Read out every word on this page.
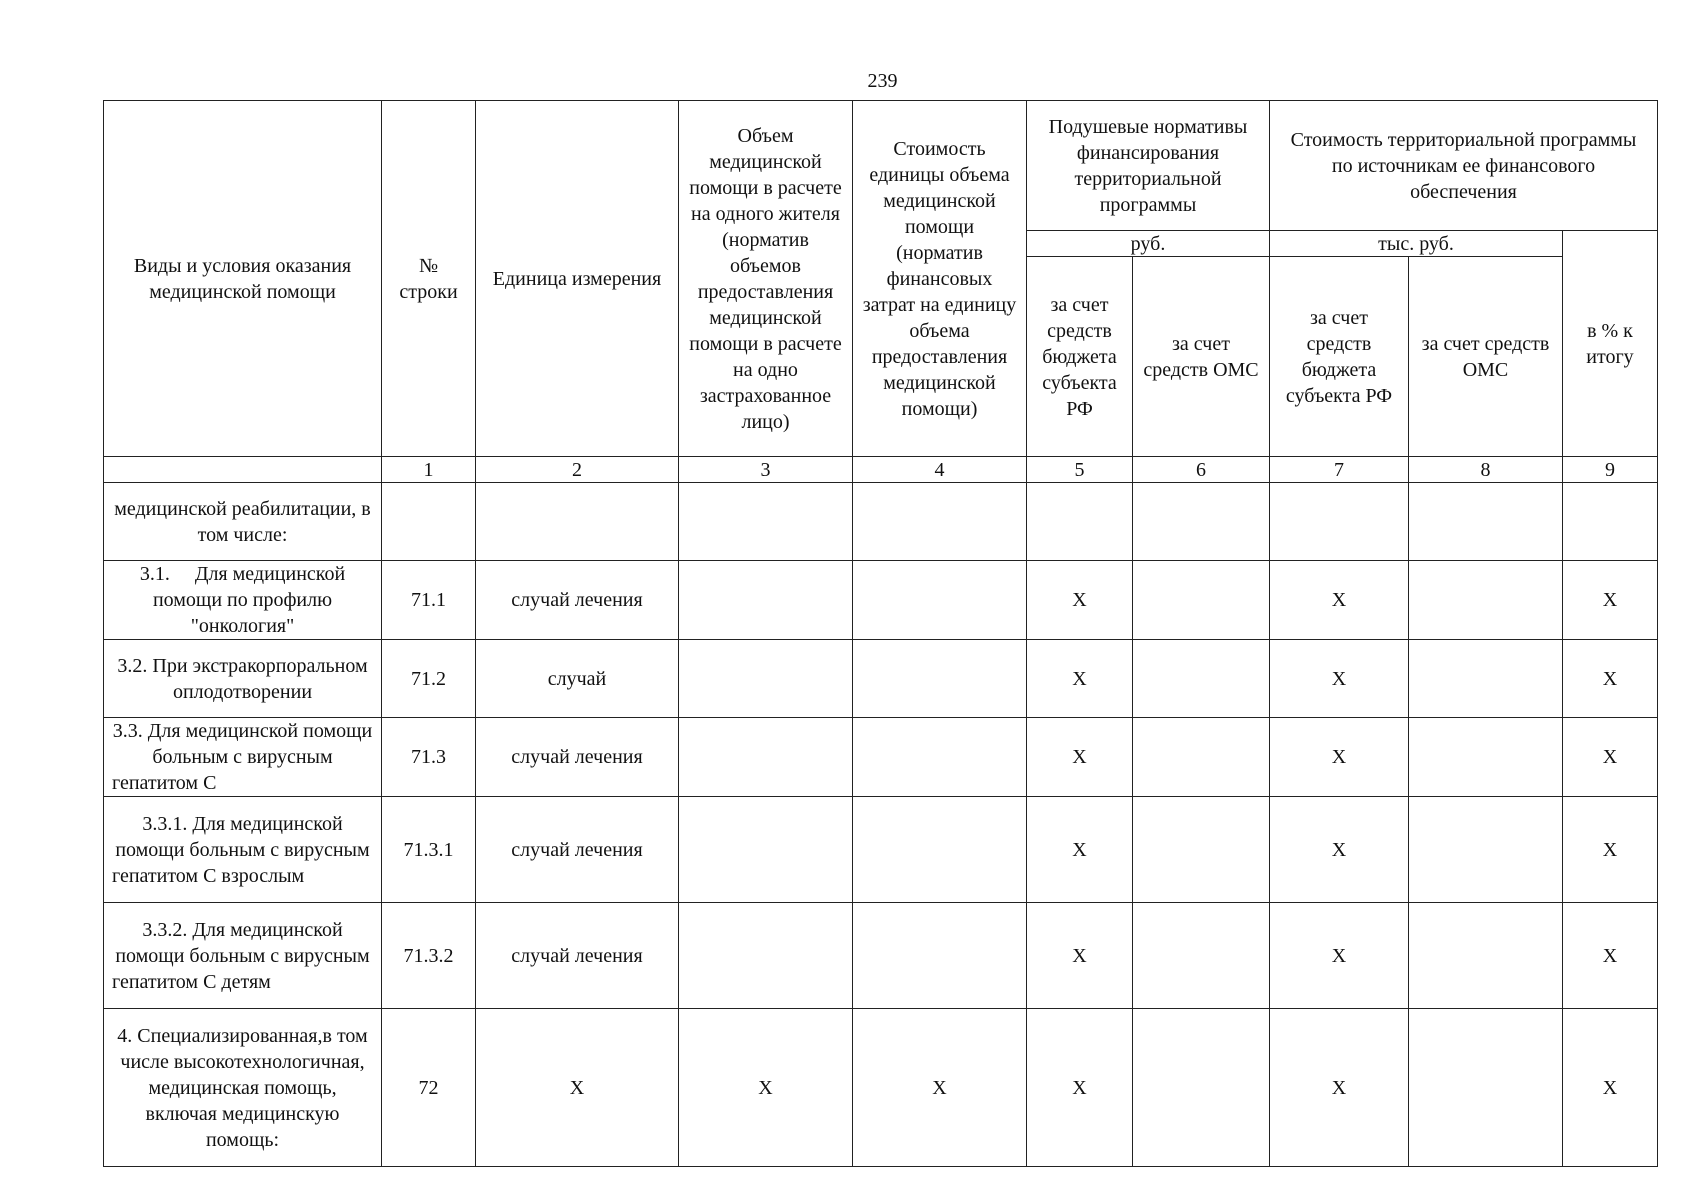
239
Виды и условия оказания медицинской помощи	№ строки	Единица измерения	Объем медицинской помощи в расчете на одного жителя (норматив объемов предоставления медицинской помощи в расчете на одно застрахованное лицо)	Стоимость единицы объема медицинской помощи (норматив финансовых затрат на единицу объема предоставления медицинской помощи)	Подушевые нормативы финансирования территориальной программы		Стоимость территориальной программы по источникам ее финансового обеспечения		
					руб.		тыс. руб.		в % к итогу
					за счет средств бюджета субъекта РФ	за счет средств ОМС	за счет средств бюджета субъекта РФ	за счет средств ОМС	
	1	2	3	4	5	6	7	8	9
медицинской реабилитации, в том числе:									
3.1.     Для медицинской помощи по профилю "онкология"	71.1	случай лечения			X		X		X
3.2. При экстракорпоральном оплодотворении	71.2	случай			X		X		X
3.3. Для медицинской помощи больным с вирусным гепатитом С	71.3	случай лечения			X		X		X
3.3.1. Для медицинской помощи больным с вирусным гепатитом С взрослым	71.3.1	случай лечения			X		X		X
3.3.2. Для медицинской помощи больным с вирусным гепатитом С детям	71.3.2	случай лечения			X		X		X
4. Специализированная,в том числе высокотехнологичная, медицинская помощь, включая медицинскую помощь:	72	X	X	X	X		X		X
